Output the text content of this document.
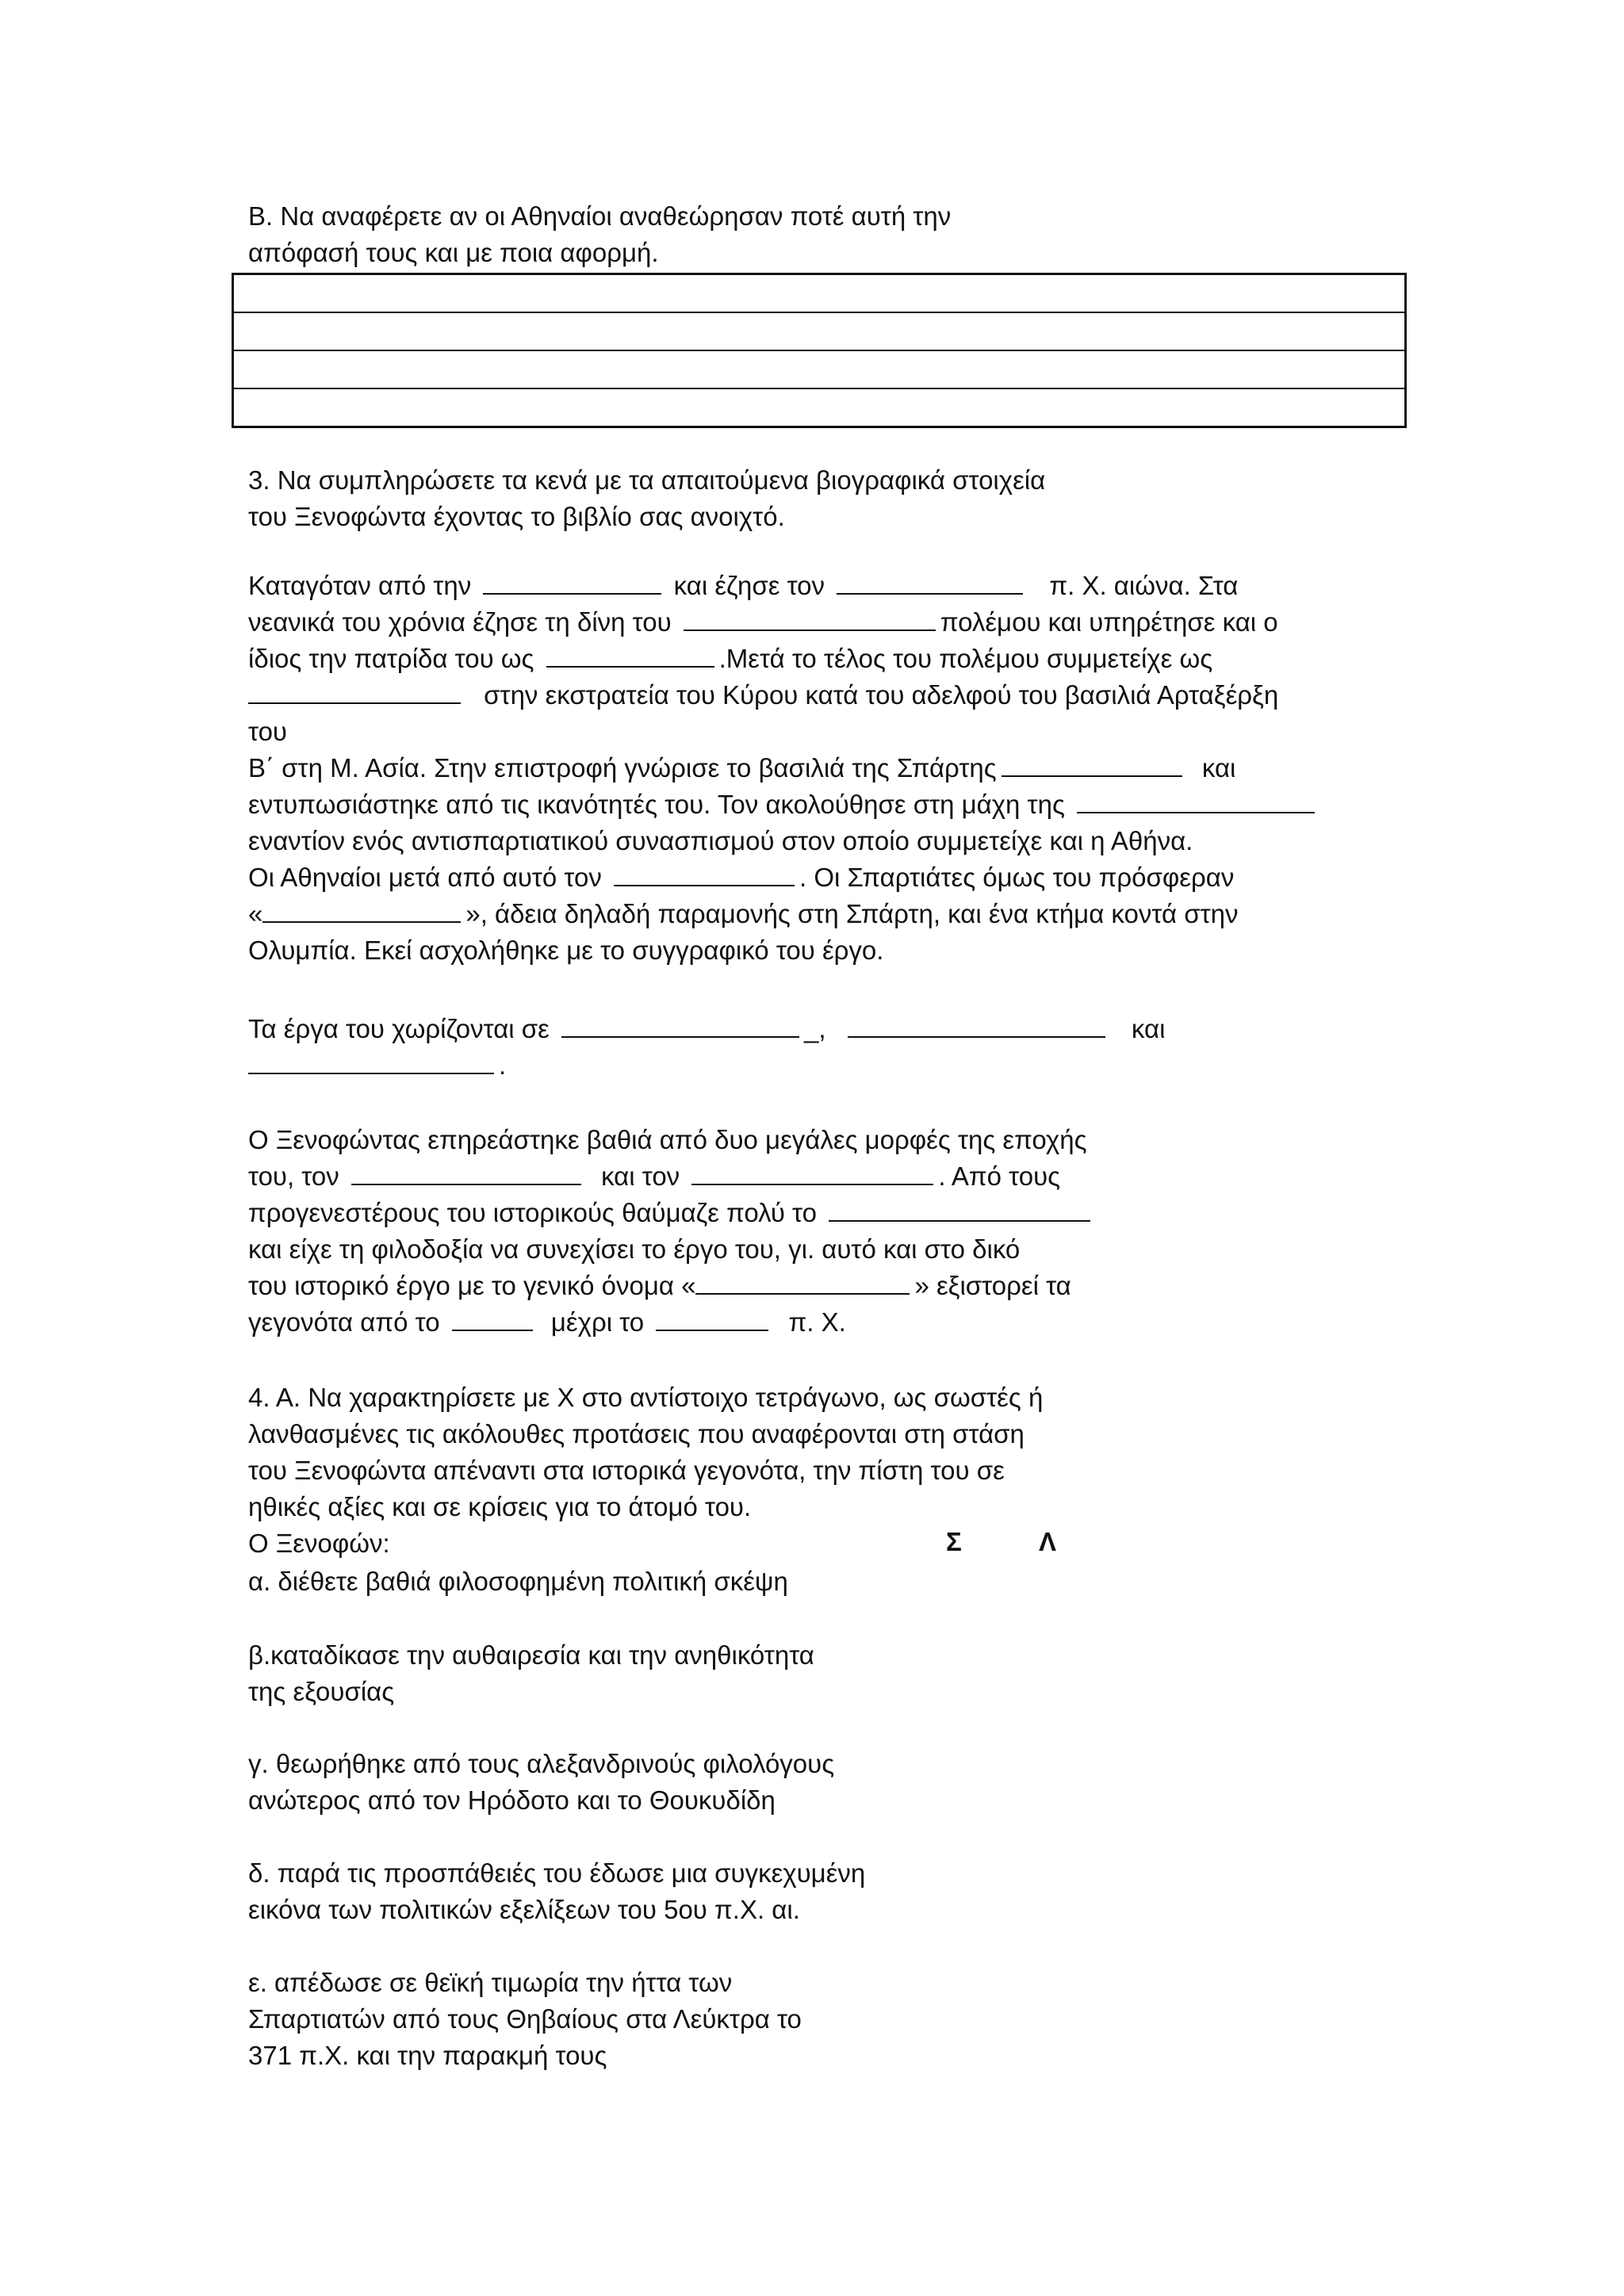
B. Να αναφέρετε αν οι Αθηναίοι αναθεώρησαν ποτέ αυτή την
απόφασή τους και με ποια αφορμή.
3. Να συμπληρώσετε τα κενά με τα απαιτούμενα βιογραφικά στοιχεία
του Ξενοφώντα έχοντας το βιβλίο σας ανοιχτό.
Καταγόταν από την	και έζησε τον	π. Χ. αιώνα. Στα
νεανικά του χρόνια έζησε τη δίνη του	πολέμου και υπηρέτησε και ο
ίδιος την πατρίδα του ως	.Μετά το τέλος του πολέμου συμμετείχε ως
στην εκστρατεία του Κύρου κατά του αδελφού του βασιλιά Αρταξέρξη
του
Β΄ στη Μ. Ασία. Στην επιστροφή γνώρισε το βασιλιά της Σπάρτης	και
εντυπωσιάστηκε από τις ικανότητές του. Τον ακολούθησε στη μάχη της
εναντίον ενός αντισπαρτιατικού συνασπισμού στον οποίο συμμετείχε και η Αθήνα.
Οι Αθηναίοι μετά από αυτό τον	. Οι Σπαρτιάτες όμως του πρόσφεραν
«	», άδεια δηλαδή παραμονής στη Σπάρτη, και ένα κτήμα κοντά στην
Ολυμπία. Εκεί ασχολήθηκε με το συγγραφικό του έργο.
Τα έργα του χωρίζονται σε	_,	και
.
Ο Ξενοφώντας επηρεάστηκε βαθιά από δυο μεγάλες μορφές της εποχής
του, τον	και τον	. Από τους
προγενεστέρους του ιστορικούς θαύμαζε πολύ το
και είχε τη φιλοδοξία να συνεχίσει το έργο του, γι. αυτό και στο δικό
του ιστορικό έργο με το γενικό όνομα «	» εξιστορεί τα
γεγονότα από το	μέχρι το	π. Χ.
4. Α. Να χαρακτηρίσετε με Χ στο αντίστοιχο τετράγωνο, ως σωστές ή
λανθασμένες τις ακόλουθες προτάσεις που αναφέρονται στη στάση
του Ξενοφώντα απέναντι στα ιστορικά γεγονότα, την πίστη του σε
ηθικές αξίες και σε κρίσεις για το άτομό του.
Ο Ξενοφών:	Σ	Λ
α. διέθετε βαθιά φιλοσοφημένη πολιτική σκέψη
β.καταδίκασε την αυθαιρεσία και την ανηθικότητα
της εξουσίας
γ. θεωρήθηκε από τους αλεξανδρινούς φιλολόγους
ανώτερος από τον Ηρόδοτο και το Θουκυδίδη
δ. παρά τις προσπάθειές του έδωσε μια συγκεχυμένη
εικόνα των πολιτικών εξελίξεων του 5ου π.Χ. αι.
ε. απέδωσε σε θεϊκή τιμωρία την ήττα των
Σπαρτιατών από τους Θηβαίους στα Λεύκτρα το
371 π.Χ. και την παρακμή τους
